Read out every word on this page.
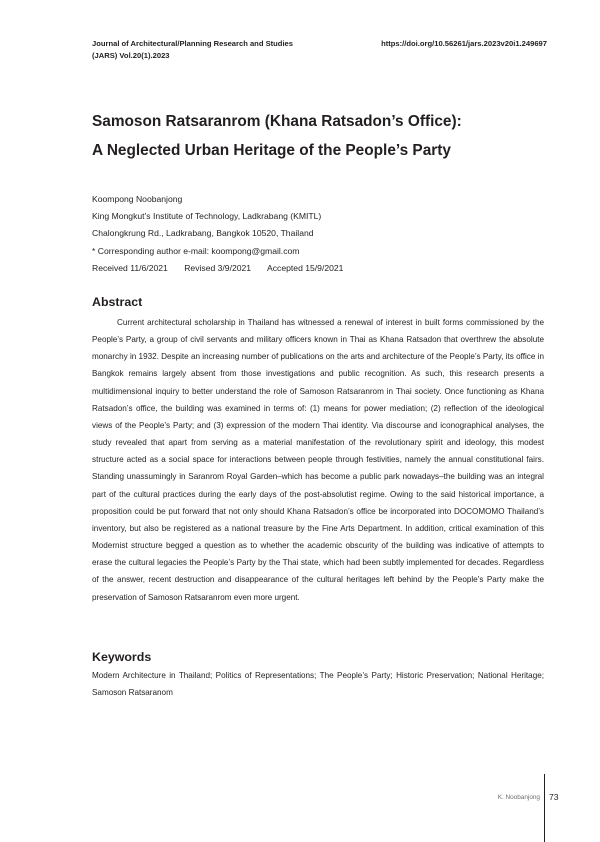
Journal of Architectural/Planning Research and Studies
(JARS) Vol.20(1).2023
https://doi.org/10.56261/jars.2023v20i1.249697
Samoson Ratsaranrom (Khana Ratsadon’s Office):
A Neglected Urban Heritage of the People’s Party
Koompong Noobanjong
King Mongkut’s Institute of Technology, Ladkrabang (KMITL)
Chalongkrung Rd., Ladkrabang, Bangkok 10520, Thailand
* Corresponding author e-mail: koompong@gmail.com
Received 11/6/2021 Revised 3/9/2021 Accepted 15/9/2021
Abstract

Current architectural scholarship in Thailand has witnessed a renewal of interest in built forms commissioned by the People’s Party, a group of civil servants and military officers known in Thai as Khana Ratsadon that overthrew the absolute monarchy in 1932. Despite an increasing number of publications on the arts and architecture of the People’s Party, its office in Bangkok remains largely absent from those investigations and public recognition. As such, this research presents a multidimensional inquiry to better understand the role of Samoson Ratsaranrom in Thai society. Once functioning as Khana Ratsadon’s office, the building was examined in terms of: (1) means for power mediation; (2) reflection of the ideological views of the People’s Party; and (3) expression of the modern Thai identity. Via discourse and iconographical analyses, the study revealed that apart from serving as a material manifestation of the revolutionary spirit and ideology, this modest structure acted as a social space for interactions between people through festivities, namely the annual constitutional fairs. Standing unassumingly in Saranrom Royal Garden–which has become a public park nowadays–the building was an integral part of the cultural practices during the early days of the post-absolutist regime. Owing to the said historical importance, a proposition could be put forward that not only should Khana Ratsadon’s office be incorporated into DOCOMOMO Thailand’s inventory, but also be registered as a national treasure by the Fine Arts Department. In addition, critical examination of this Modernist structure begged a question as to whether the academic obscurity of the building was indicative of attempts to erase the cultural legacies the People’s Party by the Thai state, which had been subtly implemented for decades. Regardless of the answer, recent destruction and disappearance of the cultural heritages left behind by the People’s Party make the preservation of Samoson Ratsaranrom even more urgent.

Keywords

Modern Architecture in Thailand; Politics of Representations; The People’s Party; Historic Preservation; National Heritage; Samoson Ratsaranom

K. Noobanjong 73
